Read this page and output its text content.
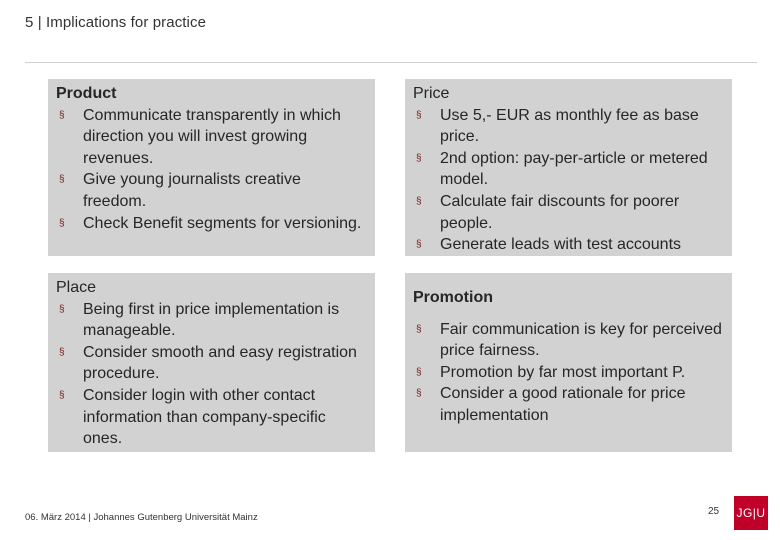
5 | Implications for practice
Product
§ Communicate transparently in which direction you will invest growing revenues.
§ Give young journalists creative freedom.
§ Check Benefit segments for versioning.
Price
§ Use 5,- EUR as monthly fee as base price.
§ 2nd option: pay-per-article or metered model.
§ Calculate fair discounts for poorer people.
§ Generate leads with test accounts
Place
§ Being first in price implementation is manageable.
§ Consider smooth and easy registration procedure.
§ Consider login with other contact information than company-specific ones.
Promotion
§ Fair communication is key for perceived price fairness.
§ Promotion by far most important P.
§ Consider a good rationale for price implementation
06. März 2014 | Johannes Gutenberg Universität Mainz
25 JG|U
